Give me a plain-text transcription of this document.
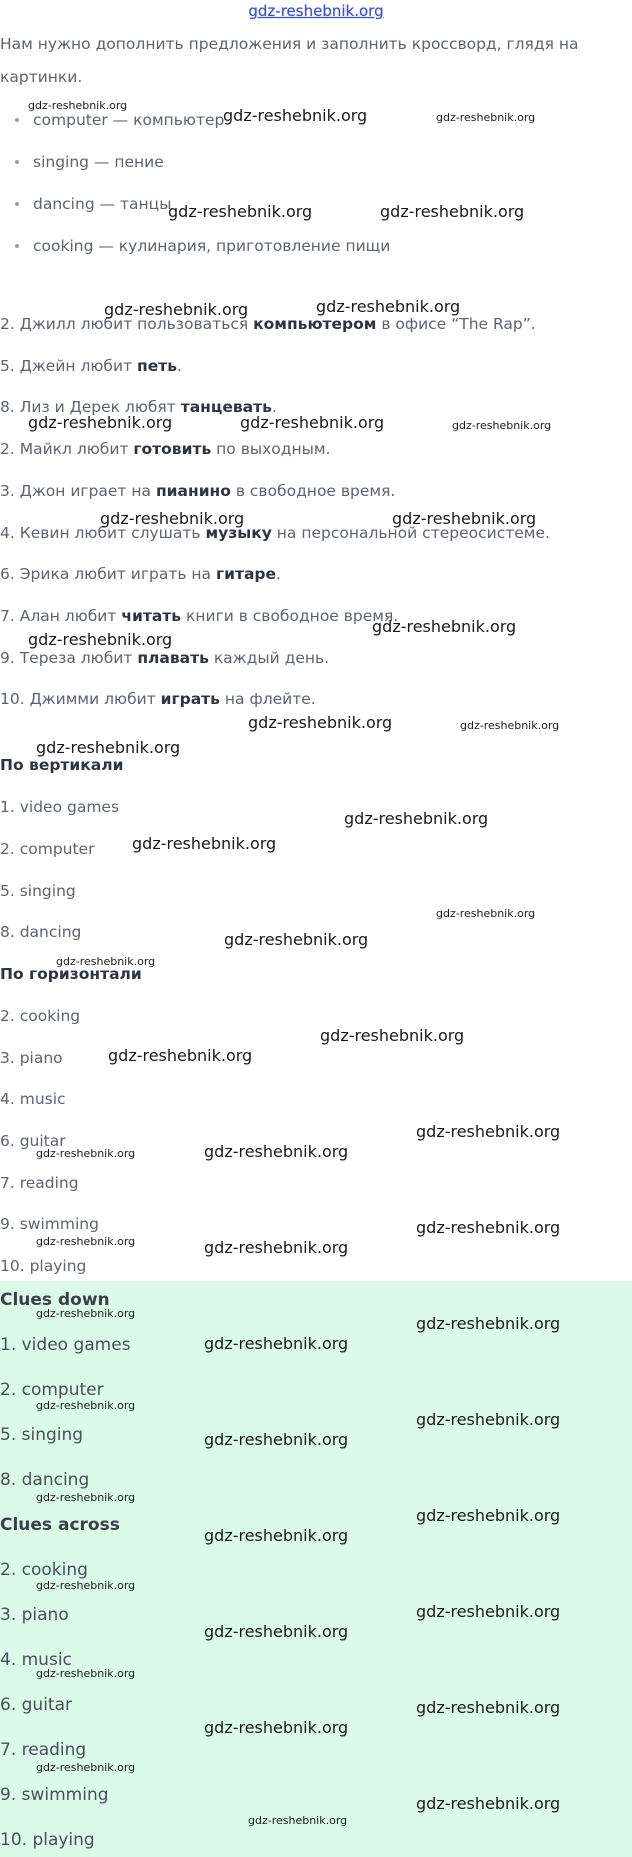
gdz-reshebnik.org
Нам нужно дополнить предложения и заполнить кроссворд, глядя на картинки.
computer — компьютер
singing — пение
dancing — танцы
cooking — кулинария, приготовление пищи
2. Джилл любит пользоваться компьютером в офисе “The Rap”.
5. Джейн любит петь.
8. Лиз и Дерек любят танцевать.
2. Майкл любит готовить по выходным.
3. Джон играет на пианино в свободное время.
4. Кевин любит слушать музыку на персональной стереосистеме.
6. Эрика любит играть на гитаре.
7. Алан любит читать книги в свободное время.
9. Тереза любит плавать каждый день.
10. Джимми любит играть на флейте.
По вертикали
1. video games
2. computer
5. singing
8. dancing
По горизонтали
2. cooking
3. piano
4. music
6. guitar
7. reading
9. swimming
10. playing
Clues down
1. video games
2. computer
5. singing
8. dancing
Clues across
2. cooking
3. piano
4. music
6. guitar
7. reading
9. swimming
10. playing
gdz-reshebnik.org
gdz-reshebnik.org	gdz-reshebnik.org
gdz-reshebnik.org	gdz-reshebnik.org
gdz-reshebnik.org	gdz-reshebnik.org
gdz-reshebnik.org	gdz-reshebnik.org	gdz-reshebnik.org
gdz-reshebnik.org	gdz-reshebnik.org
gdz-reshebnik.org
gdz-reshebnik.org
gdz-reshebnik.org	gdz-reshebnik.org
gdz-reshebnik.org
gdz-reshebnik.org
gdz-reshebnik.org
gdz-reshebnik.org
gdz-reshebnik.org
gdz-reshebnik.org
gdz-reshebnik.org
gdz-reshebnik.org
gdz-reshebnik.org
gdz-reshebnik.org	gdz-reshebnik.org
gdz-reshebnik.org
gdz-reshebnik.org	gdz-reshebnik.org
gdz-reshebnik.org
gdz-reshebnik.org
gdz-reshebnik.org
gdz-reshebnik.org
gdz-reshebnik.org
gdz-reshebnik.org
gdz-reshebnik.org
gdz-reshebnik.org
gdz-reshebnik.org
gdz-reshebnik.org
gdz-reshebnik.org
gdz-reshebnik.org
gdz-reshebnik.org
gdz-reshebnik.org
gdz-reshebnik.org
gdz-reshebnik.org
gdz-reshebnik.org
gdz-reshebnik.org
